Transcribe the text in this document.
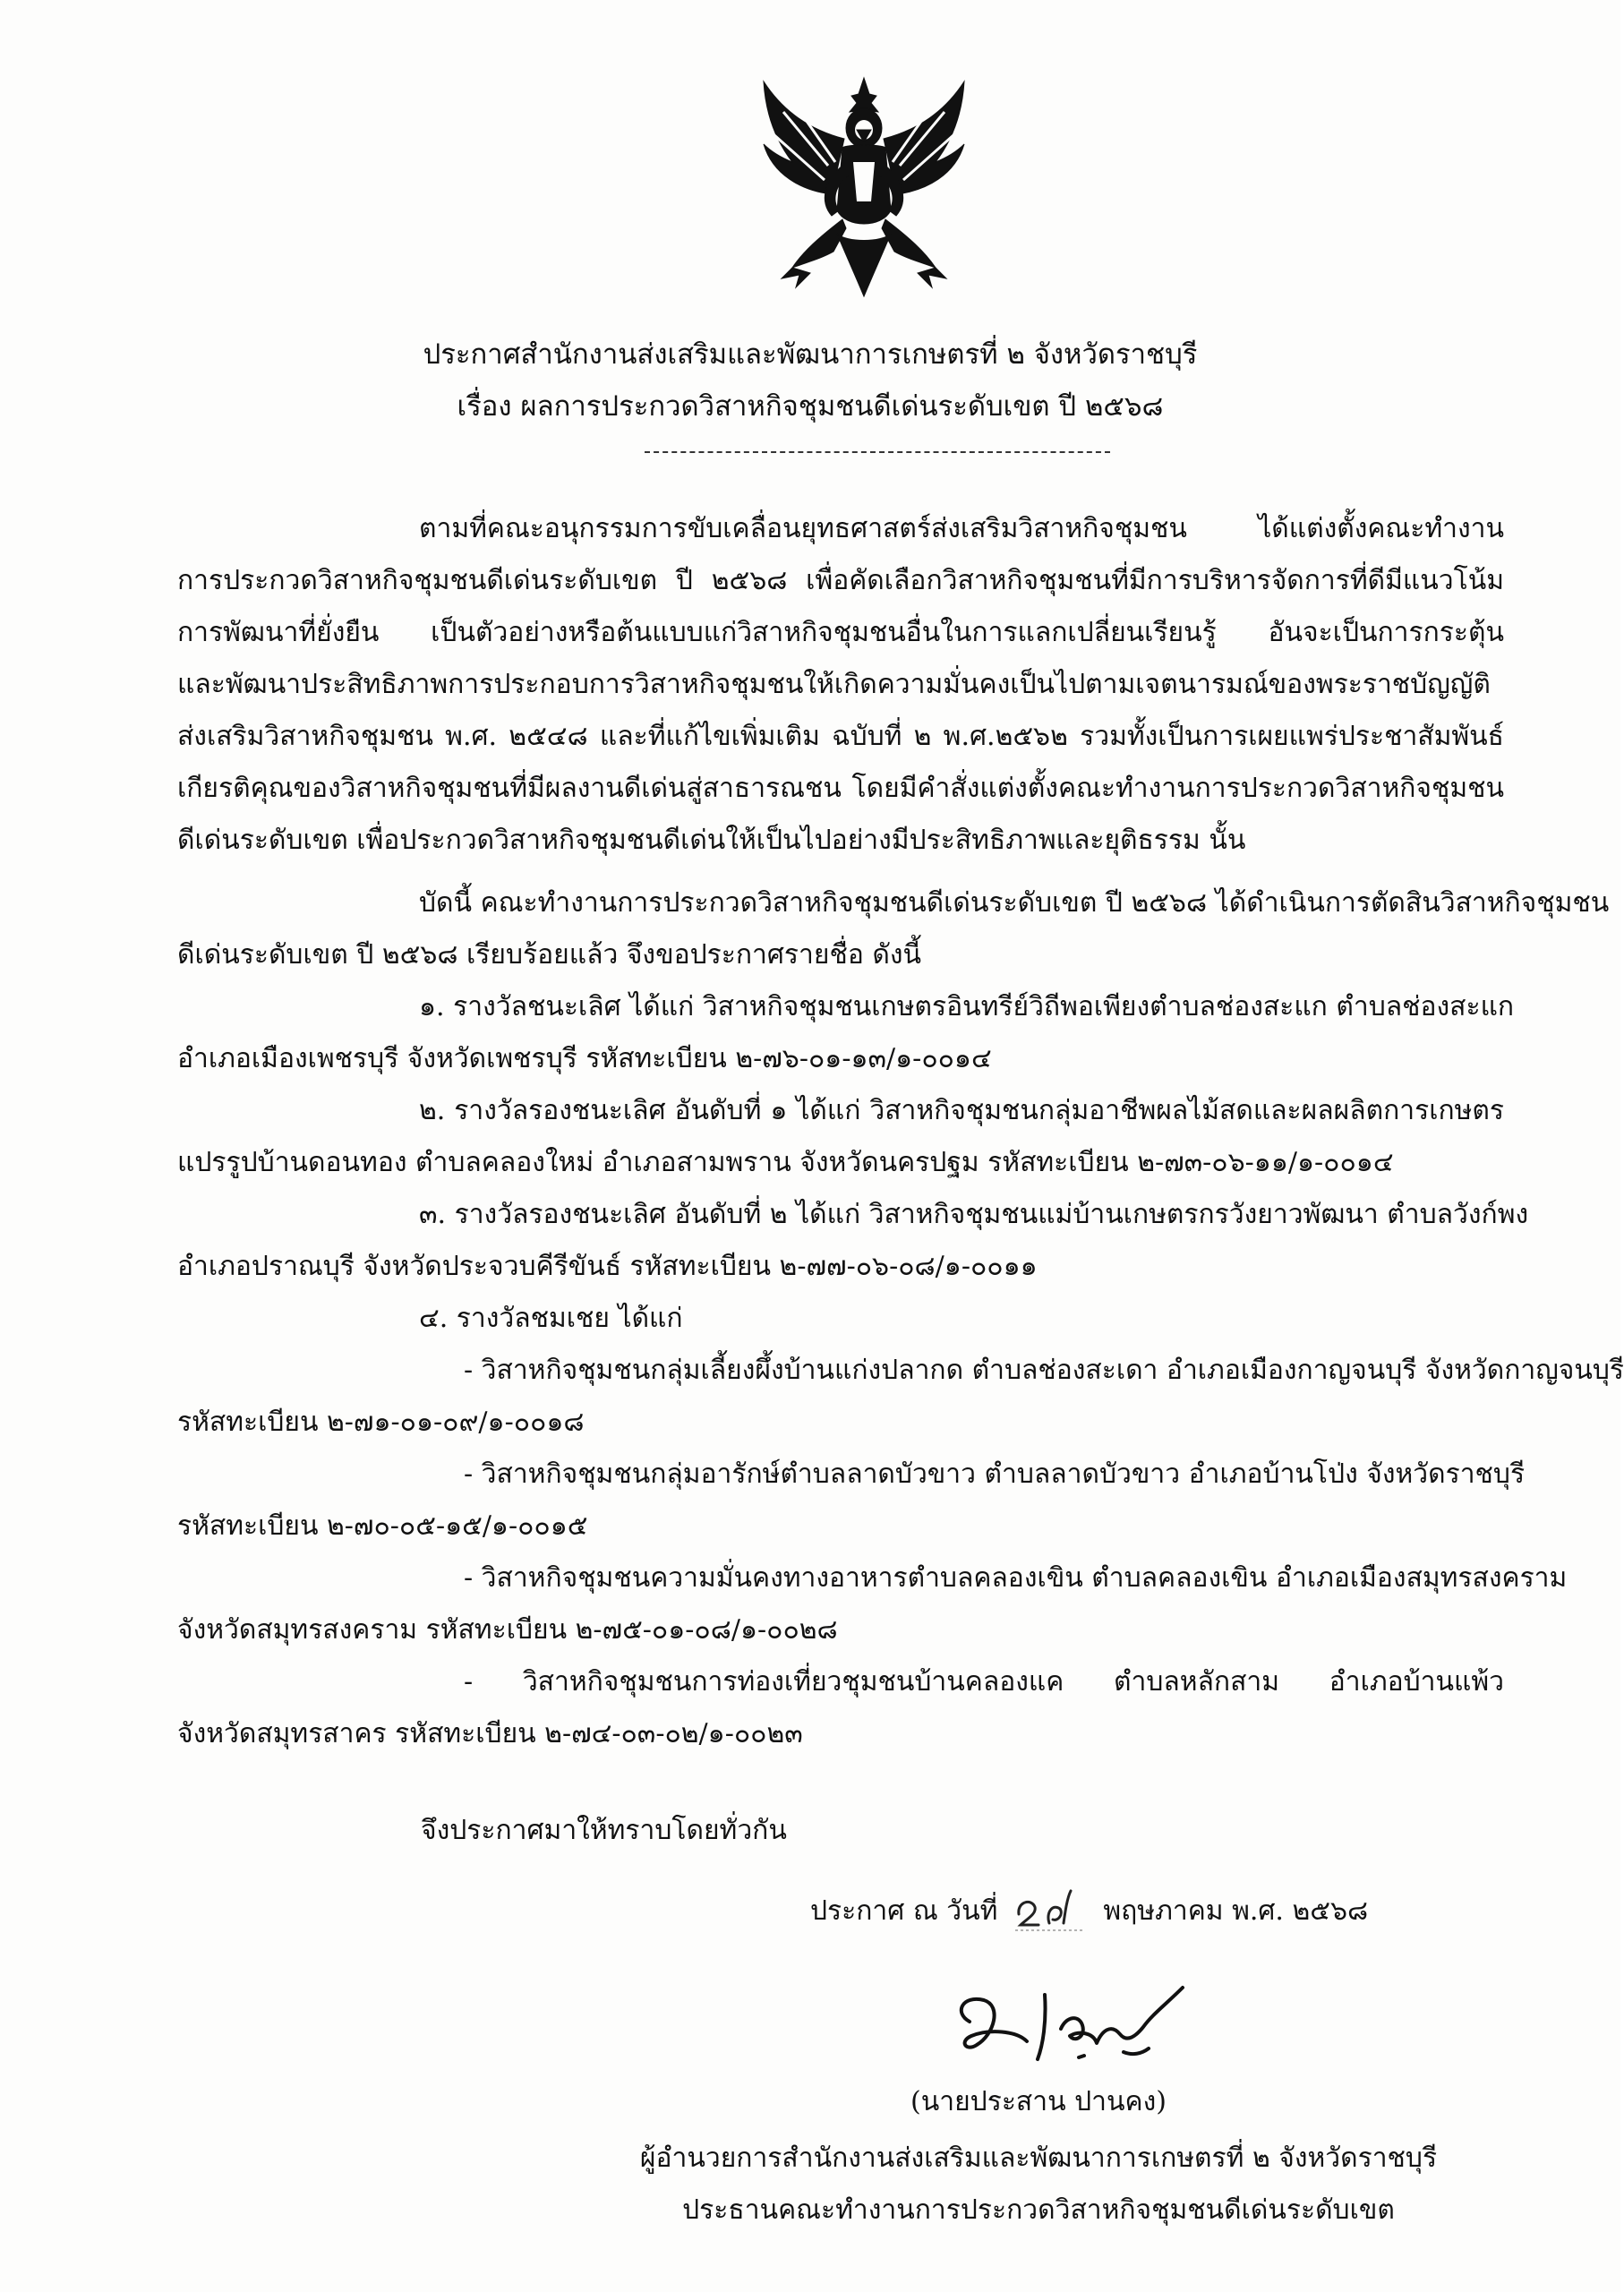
ประกาศสำนักงานส่งเสริมและพัฒนาการเกษตรที่ ๒ จังหวัดราชบุรี
เรื่อง ผลการประกวดวิสาหกิจชุมชนดีเด่นระดับเขต ปี ๒๕๖๘
ตามที่คณะอนุกรรมการขับเคลื่อนยุทธศาสตร์ส่งเสริมวิสาหกิจชุมชน ได้แต่งตั้งคณะทำงาน
การประกวดวิสาหกิจชุมชนดีเด่นระดับเขต ปี ๒๕๖๘ เพื่อคัดเลือกวิสาหกิจชุมชนที่มีการบริหารจัดการที่ดีมีแนวโน้ม
การพัฒนาที่ยั่งยืน เป็นตัวอย่างหรือต้นแบบแก่วิสาหกิจชุมชนอื่นในการแลกเปลี่ยนเรียนรู้ อันจะเป็นการกระตุ้น
และพัฒนาประสิทธิภาพการประกอบการวิสาหกิจชุมชนให้เกิดความมั่นคงเป็นไปตามเจตนารมณ์ของพระราชบัญญัติ
ส่งเสริมวิสาหกิจชุมชน พ.ศ. ๒๕๔๘ และที่แก้ไขเพิ่มเติม ฉบับที่ ๒ พ.ศ.๒๕๖๒ รวมทั้งเป็นการเผยแพร่ประชาสัมพันธ์
เกียรติคุณของวิสาหกิจชุมชนที่มีผลงานดีเด่นสู่สาธารณชน โดยมีคำสั่งแต่งตั้งคณะทำงานการประกวดวิสาหกิจชุมชน
ดีเด่นระดับเขต เพื่อประกวดวิสาหกิจชุมชนดีเด่นให้เป็นไปอย่างมีประสิทธิภาพและยุติธรรม นั้น
บัดนี้ คณะทำงานการประกวดวิสาหกิจชุมชนดีเด่นระดับเขต ปี ๒๕๖๘ ได้ดำเนินการตัดสินวิสาหกิจชุมชน
ดีเด่นระดับเขต ปี ๒๕๖๘ เรียบร้อยแล้ว จึงขอประกาศรายชื่อ ดังนี้
๑. รางวัลชนะเลิศ ได้แก่ วิสาหกิจชุมชนเกษตรอินทรีย์วิถีพอเพียงตำบลช่องสะแก ตำบลช่องสะแก
อำเภอเมืองเพชรบุรี จังหวัดเพชรบุรี รหัสทะเบียน ๒-๗๖-๐๑-๑๓/๑-๐๐๑๔
๒. รางวัลรองชนะเลิศ อันดับที่ ๑ ได้แก่ วิสาหกิจชุมชนกลุ่มอาชีพผลไม้สดและผลผลิตการเกษตร
แปรรูปบ้านดอนทอง ตำบลคลองใหม่ อำเภอสามพราน จังหวัดนครปฐม รหัสทะเบียน ๒-๗๓-๐๖-๑๑/๑-๐๐๑๔
๓. รางวัลรองชนะเลิศ อันดับที่ ๒ ได้แก่ วิสาหกิจชุมชนแม่บ้านเกษตรกรวังยาวพัฒนา ตำบลวังก์พง
อำเภอปราณบุรี จังหวัดประจวบคีรีขันธ์ รหัสทะเบียน ๒-๗๗-๐๖-๐๘/๑-๐๐๑๑
๔. รางวัลชมเชย ได้แก่
- วิสาหกิจชุมชนกลุ่มเลี้ยงผึ้งบ้านแก่งปลากด ตำบลช่องสะเดา อำเภอเมืองกาญจนบุรี จังหวัดกาญจนบุรี
รหัสทะเบียน ๒-๗๑-๐๑-๐๙/๑-๐๐๑๘
- วิสาหกิจชุมชนกลุ่มอารักษ์ตำบลลาดบัวขาว ตำบลลาดบัวขาว อำเภอบ้านโป่ง จังหวัดราชบุรี
รหัสทะเบียน ๒-๗๐-๐๕-๑๕/๑-๐๐๑๕
- วิสาหกิจชุมชนความมั่นคงทางอาหารตำบลคลองเขิน ตำบลคลองเขิน อำเภอเมืองสมุทรสงคราม
จังหวัดสมุทรสงคราม รหัสทะเบียน ๒-๗๕-๐๑-๐๘/๑-๐๐๒๘
- วิสาหกิจชุมชนการท่องเที่ยวชุมชนบ้านคลองแค ตำบลหลักสาม อำเภอบ้านแพ้ว
จังหวัดสมุทรสาคร รหัสทะเบียน ๒-๗๔-๐๓-๐๒/๑-๐๐๒๓
จึงประกาศมาให้ทราบโดยทั่วกัน
ประกาศ ณ วันที่	พฤษภาคม พ.ศ. ๒๕๖๘
(นายประสาน ปานคง)
ผู้อำนวยการสำนักงานส่งเสริมและพัฒนาการเกษตรที่ ๒ จังหวัดราชบุรี
ประธานคณะทำงานการประกวดวิสาหกิจชุมชนดีเด่นระดับเขต
